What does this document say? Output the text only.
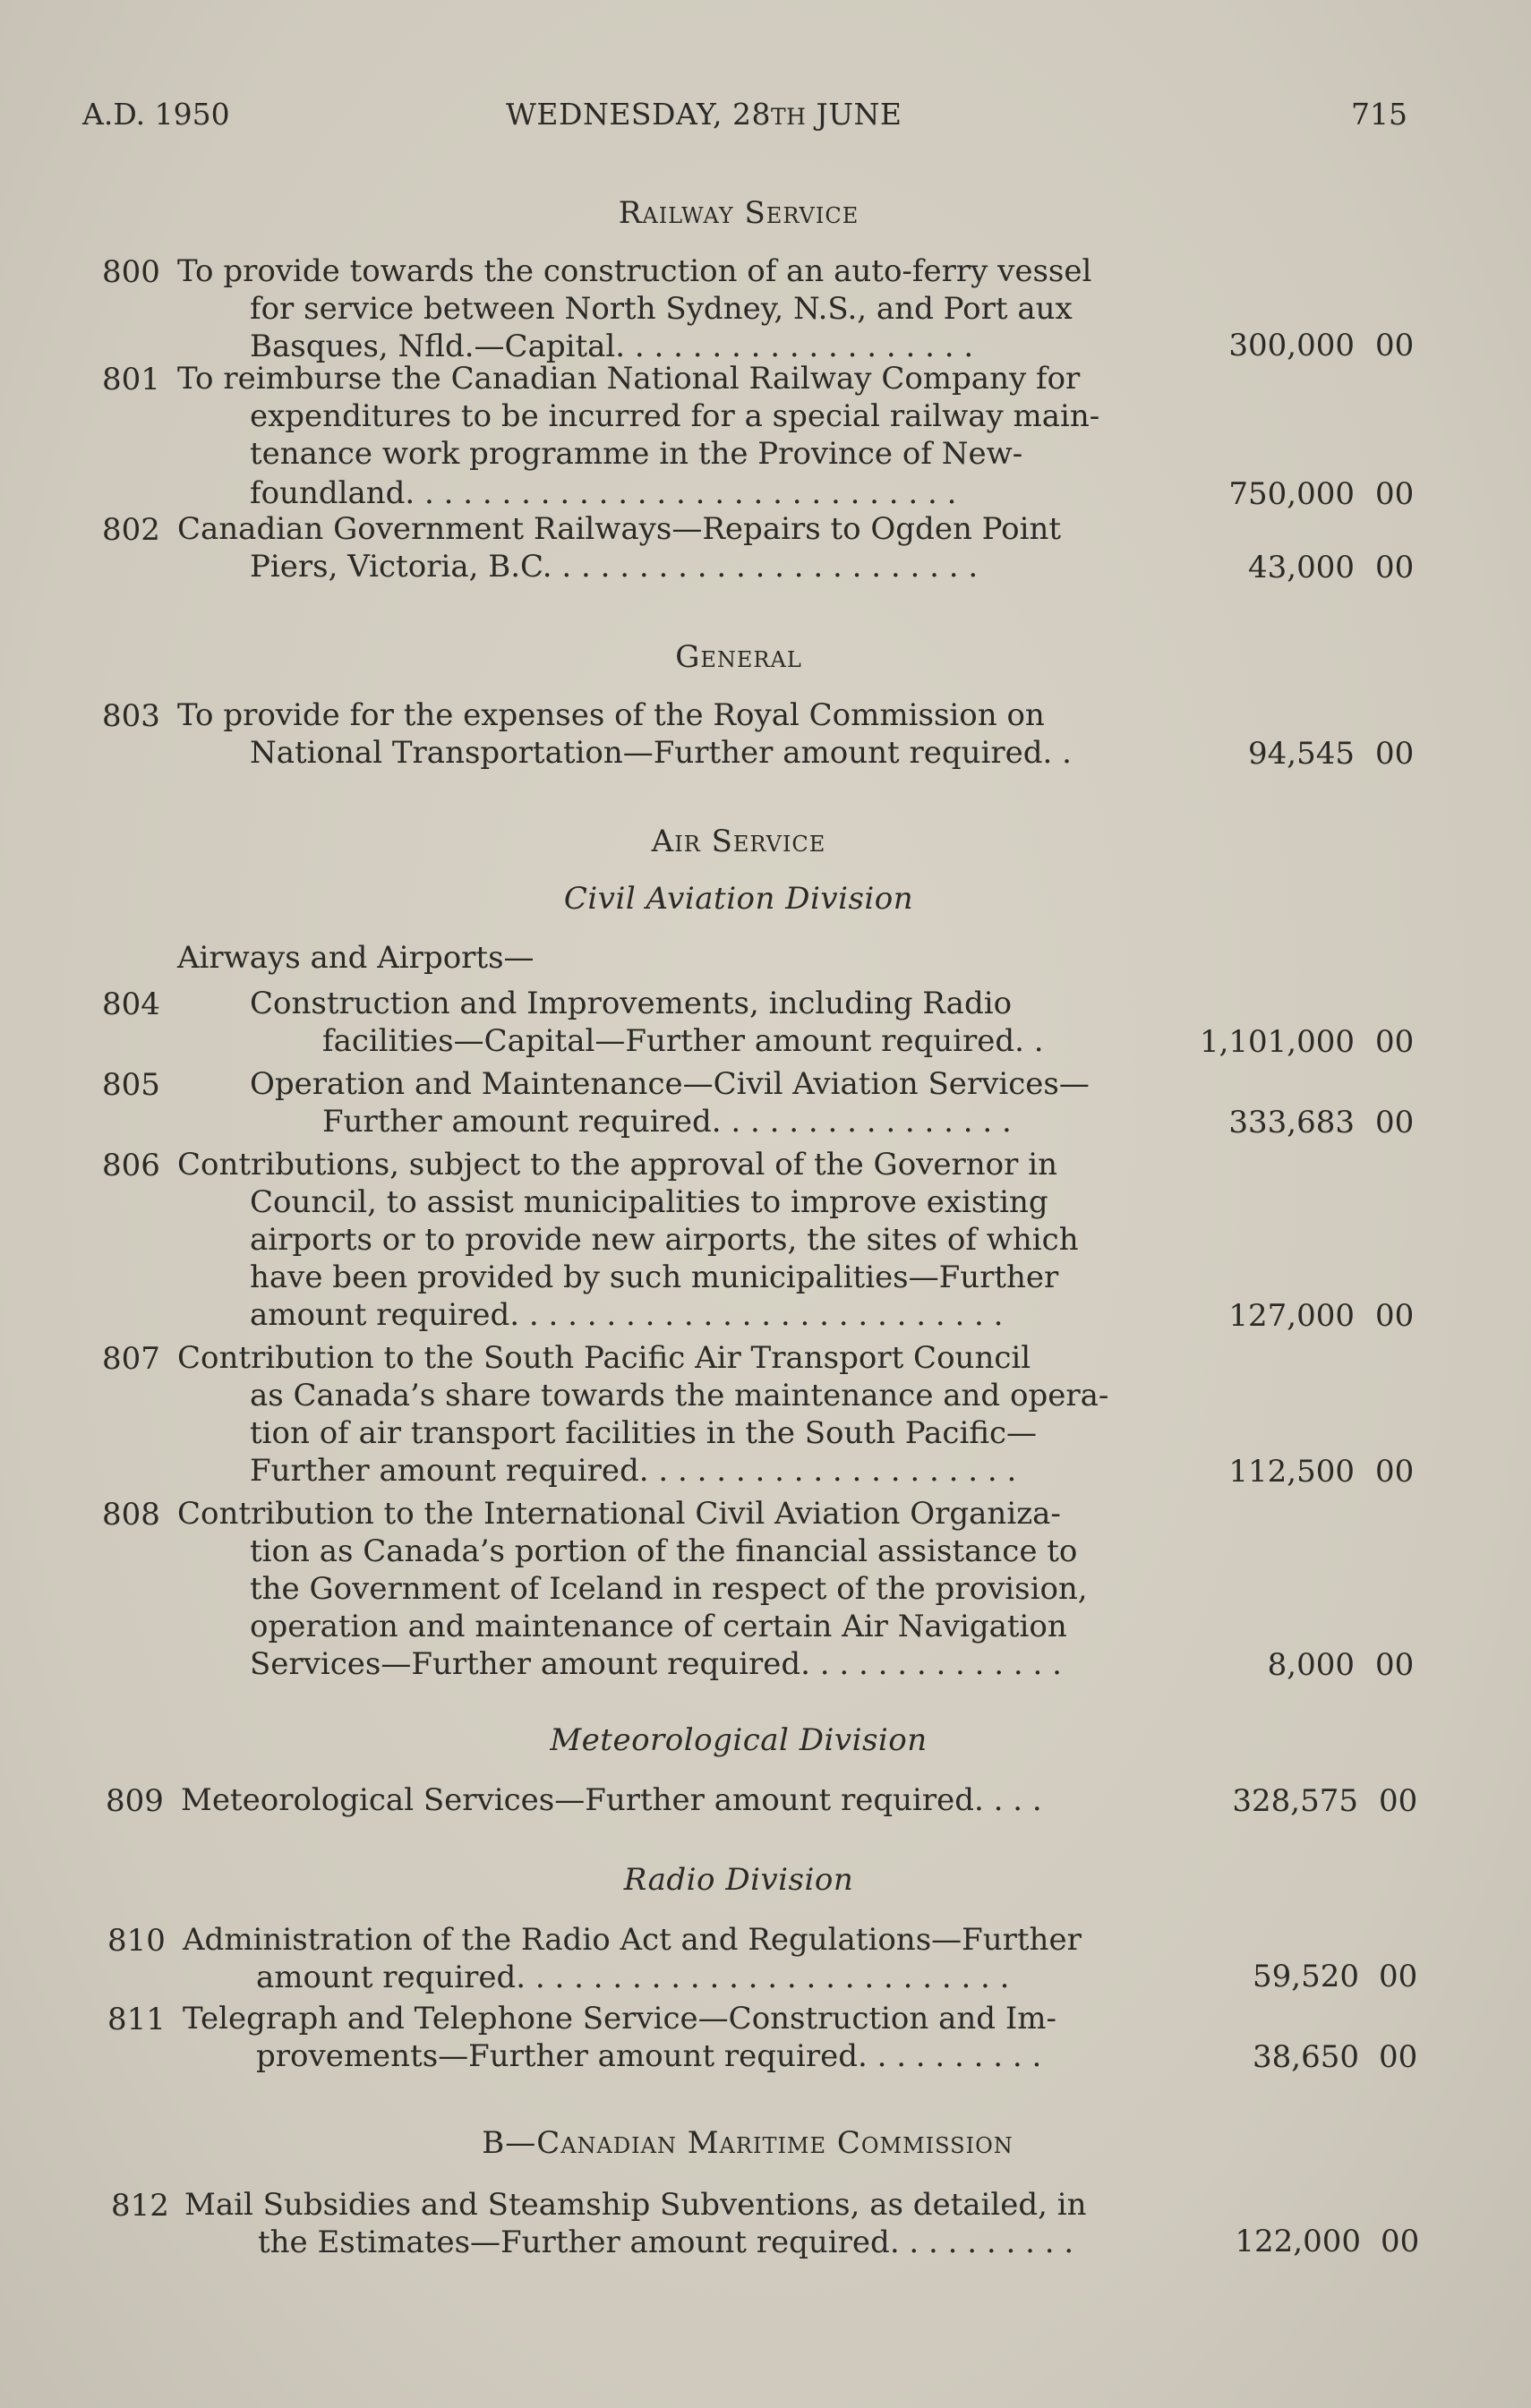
A.D. 1950	WEDNESDAY, 28TH JUNE	715
Railway Service
800 To provide towards the construction of an auto-ferry vessel
for service between North Sydney, N.S., and Port aux
Basques, Nfld.—Capital. . . . . . . . . . . . . . . . . . .	300,000 00
801 To reimburse the Canadian National Railway Company for
expenditures to be incurred for a special railway main-
tenance work programme in the Province of New-
foundland. . . . . . . . . . . . . . . . . . . . . . . . . . . . .	750,000 00
802 Canadian Government Railways—Repairs to Ogden Point
Piers, Victoria, B.C. . . . . . . . . . . . . . . . . . . . . . .	43,000 00
General
803 To provide for the expenses of the Royal Commission on
National Transportation—Further amount required. .	94,545 00
Air Service
Civil Aviation Division
Airways and Airports—
804	Construction and Improvements, including Radio
facilities—Capital—Further amount required. .	1,101,000 00
805	Operation and Maintenance—Civil Aviation Services—
Further amount required. . . . . . . . . . . . . . . .	333,683 00
806 Contributions, subject to the approval of the Governor in
Council, to assist municipalities to improve existing
airports or to provide new airports, the sites of which
have been provided by such municipalities—Further
amount required. . . . . . . . . . . . . . . . . . . . . . . . . .	127,000 00
807 Contribution to the South Pacific Air Transport Council
as Canada’s share towards the maintenance and opera-
tion of air transport facilities in the South Pacific—
Further amount required. . . . . . . . . . . . . . . . . . . .	112,500 00
808 Contribution to the International Civil Aviation Organiza-
tion as Canada’s portion of the financial assistance to
the Government of Iceland in respect of the provision,
operation and maintenance of certain Air Navigation
Services—Further amount required. . . . . . . . . . . . . .	8,000 00
Meteorological Division
809 Meteorological Services—Further amount required. . . .	328,575 00
Radio Division
810 Administration of the Radio Act and Regulations—Further
amount required. . . . . . . . . . . . . . . . . . . . . . . . . .	59,520 00
811 Telegraph and Telephone Service—Construction and Im-
provements—Further amount required. . . . . . . . . .	38,650 00
B—Canadian Maritime Commission
812 Mail Subsidies and Steamship Subventions, as detailed, in
the Estimates—Further amount required. . . . . . . . . .	122,000 00
